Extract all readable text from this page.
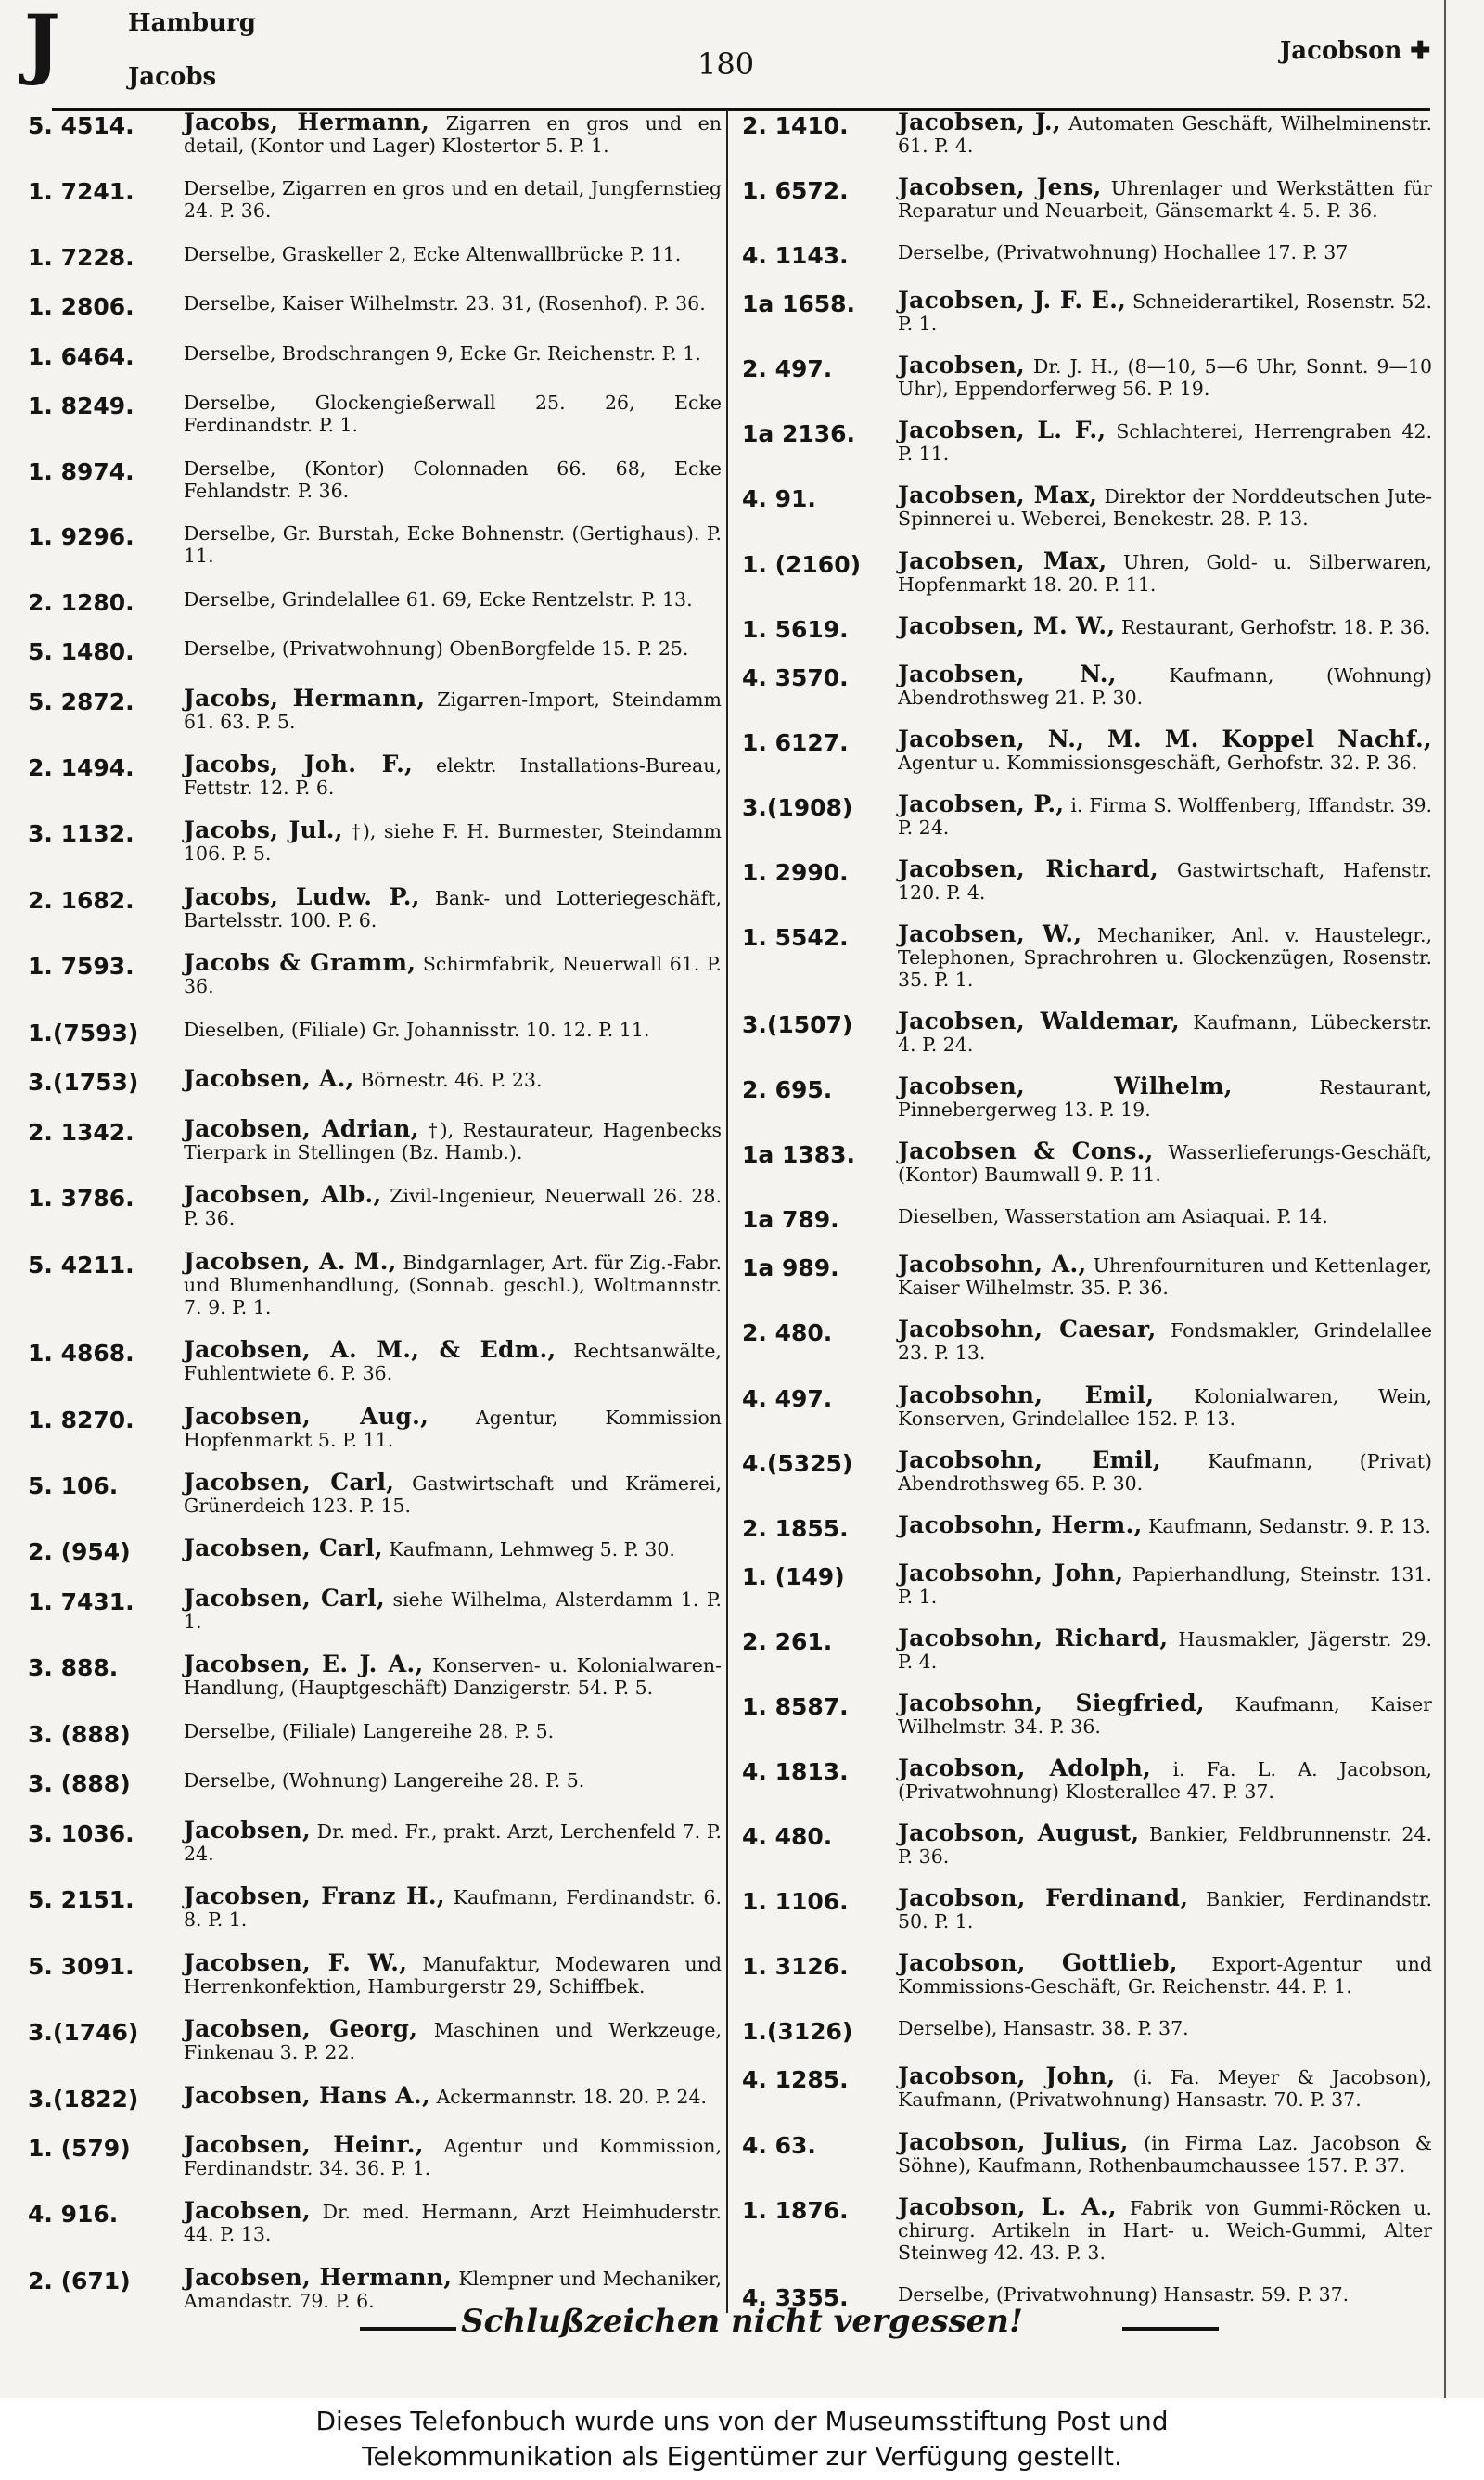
J	Hamburg
Jacobs	180	Jacobson ✚
5. 4514.	Jacobs, Hermann, Zigarren en gros und en detail, (Kontor und Lager) Klostertor 5. P. 1.
1. 7241.	Derselbe, Zigarren en gros und en detail, Jungfernstieg 24. P. 36.
1. 7228.	Derselbe, Graskeller 2, Ecke Altenwallbrücke P. 11.
1. 2806.	Derselbe, Kaiser Wilhelmstr. 23. 31, (Rosenhof). P. 36.
1. 6464.	Derselbe, Brodschrangen 9, Ecke Gr. Reichenstr. P. 1.
1. 8249.	Derselbe, Glockengießerwall 25. 26, Ecke Ferdinandstr. P. 1.
1. 8974.	Derselbe, (Kontor) Colonnaden 66. 68, Ecke Fehlandstr. P. 36.
1. 9296.	Derselbe, Gr. Burstah, Ecke Bohnenstr. (Gertighaus). P. 11.
2. 1280.	Derselbe, Grindelallee 61. 69, Ecke Rentzelstr. P. 13.
5. 1480.	Derselbe, (Privatwohnung) ObenBorgfelde 15. P. 25.
5. 2872.	Jacobs, Hermann, Zigarren-Import, Steindamm 61. 63. P. 5.
2. 1494.	Jacobs, Joh. F., elektr. Installations-Bureau, Fettstr. 12. P. 6.
3. 1132.	Jacobs, Jul., †), siehe F. H. Burmester, Steindamm 106. P. 5.
2. 1682.	Jacobs, Ludw. P., Bank- und Lotteriegeschäft, Bartelsstr. 100. P. 6.
1. 7593.	Jacobs & Gramm, Schirmfabrik, Neuerwall 61. P. 36.
1.(7593)	Dieselben, (Filiale) Gr. Johannisstr. 10. 12. P. 11.
3.(1753)	Jacobsen, A., Börnestr. 46. P. 23.
2. 1342.	Jacobsen, Adrian, †), Restaurateur, Hagenbecks Tierpark in Stellingen (Bz. Hamb.).
1. 3786.	Jacobsen, Alb., Zivil-Ingenieur, Neuerwall 26. 28. P. 36.
5. 4211.	Jacobsen, A. M., Bindgarnlager, Art. für Zig.-Fabr. und Blumenhandlung, (Sonnab. geschl.), Woltmannstr. 7. 9. P. 1.
1. 4868.	Jacobsen, A. M., & Edm., Rechtsanwälte, Fuhlentwiete 6. P. 36.
1. 8270.	Jacobsen, Aug., Agentur, Kommission Hopfenmarkt 5. P. 11.
5. 106.	Jacobsen, Carl, Gastwirtschaft und Krämerei, Grünerdeich 123. P. 15.
2. (954)	Jacobsen, Carl, Kaufmann, Lehmweg 5. P. 30.
1. 7431.	Jacobsen, Carl, siehe Wilhelma, Alsterdamm 1. P. 1.
3. 888.	Jacobsen, E. J. A., Konserven- u. Kolonialwaren-Handlung, (Hauptgeschäft) Danzigerstr. 54. P. 5.
3. (888)	Derselbe, (Filiale) Langereihe 28. P. 5.
3. (888)	Derselbe, (Wohnung) Langereihe 28. P. 5.
3. 1036.	Jacobsen, Dr. med. Fr., prakt. Arzt, Lerchenfeld 7. P. 24.
5. 2151.	Jacobsen, Franz H., Kaufmann, Ferdinandstr. 6. 8. P. 1.
5. 3091.	Jacobsen, F. W., Manufaktur, Modewaren und Herrenkonfektion, Hamburgerstr 29, Schiffbek.
3.(1746)	Jacobsen, Georg, Maschinen und Werkzeuge, Finkenau 3. P. 22.
3.(1822)	Jacobsen, Hans A., Ackermannstr. 18. 20. P. 24.
1. (579)	Jacobsen, Heinr., Agentur und Kommission, Ferdinandstr. 34. 36. P. 1.
4. 916.	Jacobsen, Dr. med. Hermann, Arzt Heimhuderstr. 44. P. 13.
2. (671)	Jacobsen, Hermann, Klempner und Mechaniker, Amandastr. 79. P. 6.
2. 1410.	Jacobsen, J., Automaten Geschäft, Wilhelminenstr. 61. P. 4.
1. 6572.	Jacobsen, Jens, Uhrenlager und Werkstätten für Reparatur und Neuarbeit, Gänsemarkt 4. 5. P. 36.
4. 1143.	Derselbe, (Privatwohnung) Hochallee 17. P. 37
1a 1658.	Jacobsen, J. F. E., Schneiderartikel, Rosenstr. 52. P. 1.
2. 497.	Jacobsen, Dr. J. H., (8—10, 5—6 Uhr, Sonnt. 9—10 Uhr), Eppendorferweg 56. P. 19.
1a 2136.	Jacobsen, L. F., Schlachterei, Herrengraben 42. P. 11.
4. 91.	Jacobsen, Max, Direktor der Norddeutschen Jute-Spinnerei u. Weberei, Benekestr. 28. P. 13.
1. (2160)	Jacobsen, Max, Uhren, Gold- u. Silberwaren, Hopfenmarkt 18. 20. P. 11.
1. 5619.	Jacobsen, M. W., Restaurant, Gerhofstr. 18. P. 36.
4. 3570.	Jacobsen, N.,	Kaufmann, (Wohnung) Abendrothsweg 21. P. 30.
1. 6127.	Jacobsen, N., M. M. Koppel Nachf., Agentur u. Kommissionsgeschäft, Gerhofstr. 32. P. 36.
3.(1908)	Jacobsen, P., i. Firma S. Wolffenberg, Iffandstr. 39. P. 24.
1. 2990.	Jacobsen, Richard, Gastwirtschaft, Hafenstr. 120. P. 4.
1. 5542.	Jacobsen, W., Mechaniker, Anl. v. Haustelegr., Telephonen, Sprachrohren u. Glockenzügen, Rosenstr. 35. P. 1.
3.(1507)	Jacobsen, Waldemar, Kaufmann, Lübeckerstr. 4. P. 24.
2. 695.	Jacobsen, Wilhelm,	Restaurant, Pinnebergerweg 13. P. 19.
1a 1383.	Jacobsen & Cons., Wasserlieferungs-Geschäft, (Kontor) Baumwall 9. P. 11.
1a 789.	Dieselben, Wasserstation am Asiaquai. P. 14.
1a 989.	Jacobsohn, A., Uhrenfournituren und Kettenlager, Kaiser Wilhelmstr. 35. P. 36.
2. 480.	Jacobsohn, Caesar, Fondsmakler, Grindelallee 23. P. 13.
4. 497.	Jacobsohn, Emil, Kolonialwaren, Wein, Konserven, Grindelallee 152. P. 13.
4.(5325)	Jacobsohn, Emil, Kaufmann, (Privat) Abendrothsweg 65. P. 30.
2. 1855.	Jacobsohn, Herm., Kaufmann, Sedanstr. 9. P. 13.
1. (149)	Jacobsohn, John, Papierhandlung, Steinstr. 131. P. 1.
2. 261.	Jacobsohn, Richard, Hausmakler, Jägerstr. 29. P. 4.
1. 8587.	Jacobsohn, Siegfried, Kaufmann, Kaiser Wilhelmstr. 34. P. 36.
4. 1813.	Jacobson, Adolph, i. Fa. L. A. Jacobson, (Privatwohnung) Klosterallee 47. P. 37.
4. 480.	Jacobson, August, Bankier, Feldbrunnenstr. 24. P. 36.
1. 1106.	Jacobson, Ferdinand, Bankier, Ferdinandstr. 50. P. 1.
1. 3126.	Jacobson, Gottlieb, Export-Agentur und Kommissions-Geschäft, Gr. Reichenstr. 44. P. 1.
1.(3126)	Derselbe), Hansastr. 38. P. 37.
4. 1285.	Jacobson, John, (i. Fa. Meyer & Jacobson), Kaufmann, (Privatwohnung) Hansastr. 70. P. 37.
4. 63.	Jacobson, Julius, (in Firma Laz. Jacobson & Söhne), Kaufmann, Rothenbaumchaussee 157. P. 37.
1. 1876.	Jacobson, L. A., Fabrik von Gummi-Röcken u. chirurg. Artikeln in Hart- u. Weich-Gummi, Alter Steinweg 42. 43. P. 3.
4. 3355.	Derselbe, (Privatwohnung) Hansastr. 59. P. 37.
Schlußzeichen nicht vergessen!
Dieses Telefonbuch wurde uns von der Museumsstiftung Post und
Telekommunikation als Eigentümer zur Verfügung gestellt.
